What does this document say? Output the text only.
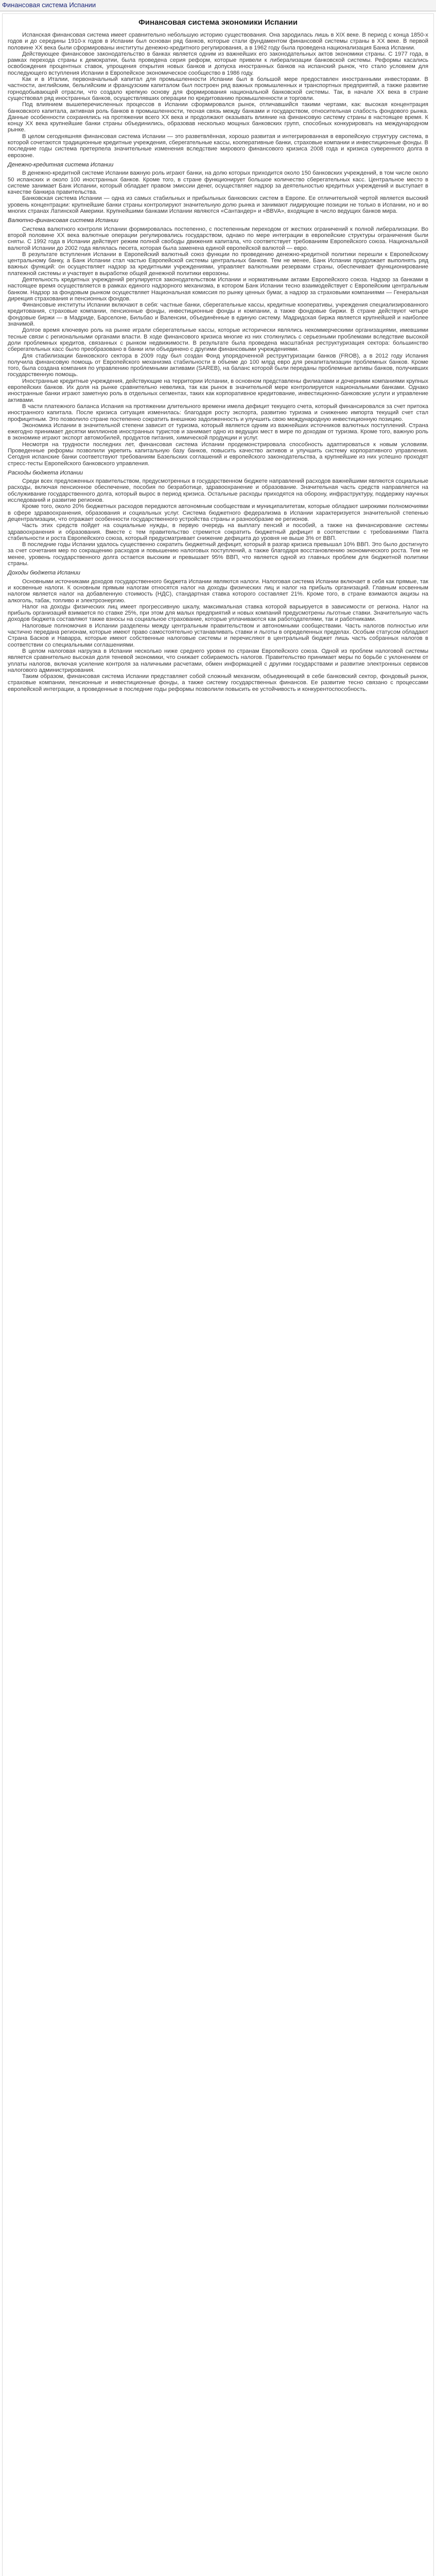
Финансовая система Испании
Финансовая система экономики Испании

Испанская финансовая система имеет сравнительно небольшую историю существования. Она зародилась лишь в XIX веке. В период с конца 1850-х годов и до середины 1910-х годов в Испании был основан ряд банков, которые стали фундаментом финансовой системы страны в XX веке. В первой половине XX века были сформированы институты денежно-кредитного регулирования, а в 1962 году была проведена национализация Банка Испании.

Действующее финансовое законодательство в банках является одним из важнейших его законодательных актов экономики страны. С 1977 года, в рамках перехода страны к демократии, была проведена серия реформ, которые привели к либерализации банковской системы. Реформы касались освобождения процентных ставок, упрощения открытия новых банков и допуска иностранных банков на испанский рынок, что стало условием для последующего вступления Испании в Европейское экономическое сообщество в 1986 году.

Как и в Италии, первоначальный капитал для промышленности Испании был в большой мере предоставлен иностранными инвесторами. В частности, английским, бельгийским и французским капиталом был построен ряд важных промышленных и транспортных предприятий, а также развитие горнодобывающей отрасли, что создало крепкую основу для формирования национальной банковской системы. Так, в начале XX века в стране существовал ряд иностранных банков, осуществлявших операции по кредитованию промышленности и торговли.

Под влиянием вышеперечисленных процессов в Испании сформировался рынок, отличавшийся такими чертами, как: высокая концентрация банковского капитала, активная роль банков в промышленности, тесная связь между банками и государством, относительная слабость фондового рынка. Данные особенности сохранялись на протяжении всего XX века и продолжают оказывать влияние на финансовую систему страны в настоящее время. К концу XX века крупнейшие банки страны объединились, образовав несколько мощных банковских групп, способных конкурировать на международном рынке.

В целом сегодняшняя финансовая система Испании — это разветвлённая, хорошо развитая и интегрированная в европейскую структуру система, в которой сочетаются традиционные кредитные учреждения, сберегательные кассы, кооперативные банки, страховые компании и инвестиционные фонды. В последние годы система претерпела значительные изменения вследствие мирового финансового кризиса 2008 года и кризиса суверенного долга в еврозоне.

Денежно-кредитная система Испании

В денежно-кредитной системе Испании важную роль играют банки, на долю которых приходится около 150 банковских учреждений, в том числе около 50 испанских и около 100 иностранных банков. Кроме того, в стране функционирует большое количество сберегательных касс. Центральное место в системе занимает Банк Испании, который обладает правом эмиссии денег, осуществляет надзор за деятельностью кредитных учреждений и выступает в качестве банкира правительства.

Банковская система Испании — одна из самых стабильных и прибыльных банковских систем в Европе. Ее отличительной чертой является высокий уровень концентрации: крупнейшие банки страны контролируют значительную долю рынка и занимают лидирующие позиции не только в Испании, но и во многих странах Латинской Америки. Крупнейшими банками Испании являются «Сантандер» и «BBVA», входящие в число ведущих банков мира.

Валютно-финансовая система Испании

Система валютного контроля Испании формировалась постепенно, с постепенным переходом от жестких ограничений к полной либерализации. Во второй половине XX века валютные операции регулировались государством, однако по мере интеграции в европейские структуры ограничения были сняты. С 1992 года в Испании действует режим полной свободы движения капитала, что соответствует требованиям Европейского союза. Национальной валютой Испании до 2002 года являлась песета, которая была заменена единой европейской валютой — евро.

В результате вступления Испании в Европейский валютный союз функции по проведению денежно-кредитной политики перешли к Европейскому центральному банку, а Банк Испании стал частью Европейской системы центральных банков. Тем не менее, Банк Испании продолжает выполнять ряд важных функций: он осуществляет надзор за кредитными учреждениями, управляет валютными резервами страны, обеспечивает функционирование платежной системы и участвует в выработке общей денежной политики еврозоны.

Деятельность кредитных учреждений регулируется законодательством Испании и нормативными актами Европейского союза. Надзор за банками в настоящее время осуществляется в рамках единого надзорного механизма, в котором Банк Испании тесно взаимодействует с Европейским центральным банком. Надзор за фондовым рынком осуществляет Национальная комиссия по рынку ценных бумаг, а надзор за страховыми компаниями — Генеральная дирекция страхования и пенсионных фондов.

Финансовые институты Испании включают в себя: частные банки, сберегательные кассы, кредитные кооперативы, учреждения специализированного кредитования, страховые компании, пенсионные фонды, инвестиционные фонды и компании, а также фондовые биржи. В стране действуют четыре фондовые биржи — в Мадриде, Барселоне, Бильбао и Валенсии, объединённые в единую систему. Мадридская биржа является крупнейшей и наиболее значимой.

Долгое время ключевую роль на рынке играли сберегательные кассы, которые исторически являлись некоммерческими организациями, имевшими тесные связи с региональными органами власти. В ходе финансового кризиса многие из них столкнулись с серьезными проблемами вследствие высокой доли проблемных кредитов, связанных с рынком недвижимости. В результате была проведена масштабная реструктуризация сектора: большинство сберегательных касс было преобразовано в банки или объединено с другими финансовыми учреждениями.

Для стабилизации банковского сектора в 2009 году был создан Фонд упорядоченной реструктуризации банков (FROB), а в 2012 году Испания получила финансовую помощь от Европейского механизма стабильности в объеме до 100 млрд евро для рекапитализации проблемных банков. Кроме того, была создана компания по управлению проблемными активами (SAREB), на баланс которой были переданы проблемные активы банков, получивших государственную помощь.

Иностранные кредитные учреждения, действующие на территории Испании, в основном представлены филиалами и дочерними компаниями крупных европейских банков. Их доля на рынке сравнительно невелика, так как рынок в значительной мере контролируется национальными банками. Однако иностранные банки играют заметную роль в отдельных сегментах, таких как корпоративное кредитование, инвестиционно-банковские услуги и управление активами.

В части платежного баланса Испания на протяжении длительного времени имела дефицит текущего счета, который финансировался за счет притока иностранного капитала. После кризиса ситуация изменилась: благодаря росту экспорта, развитию туризма и снижению импорта текущий счет стал профицитным. Это позволило стране постепенно сократить внешнюю задолженность и улучшить свою международную инвестиционную позицию.

Экономика Испании в значительной степени зависит от туризма, который является одним из важнейших источников валютных поступлений. Страна ежегодно принимает десятки миллионов иностранных туристов и занимает одно из ведущих мест в мире по доходам от туризма. Кроме того, важную роль в экономике играют экспорт автомобилей, продуктов питания, химической продукции и услуг.

Несмотря на трудности последних лет, финансовая система Испании продемонстрировала способность адаптироваться к новым условиям. Проведенные реформы позволили укрепить капитальную базу банков, повысить качество активов и улучшить систему корпоративного управления. Сегодня испанские банки соответствуют требованиям Базельских соглашений и европейского законодательства, а крупнейшие из них успешно проходят стресс-тесты Европейского банковского управления.

Расходы бюджета Испании

Среди всех предложенных правительством, предусмотренных в государственном бюджете направлений расходов важнейшими являются социальные расходы, включая пенсионное обеспечение, пособия по безработице, здравоохранение и образование. Значительная часть средств направляется на обслуживание государственного долга, который вырос в период кризиса. Остальные расходы приходятся на оборону, инфраструктуру, поддержку научных исследований и развитие регионов.

Кроме того, около 20% бюджетных расходов передаются автономным сообществам и муниципалитетам, которые обладают широкими полномочиями в сфере здравоохранения, образования и социальных услуг. Система бюджетного федерализма в Испании характеризуется значительной степенью децентрализации, что отражает особенности государственного устройства страны и разнообразие ее регионов.

Часть этих средств пойдет на социальные нужды, в первую очередь на выплату пенсий и пособий, а также на финансирование системы здравоохранения и образования. Вместе с тем правительство стремится сократить бюджетный дефицит в соответствии с требованиями Пакта стабильности и роста Европейского союза, который предусматривает снижение дефицита до уровня не выше 3% от ВВП.

В последние годы Испании удалось существенно сократить бюджетный дефицит, который в разгар кризиса превышал 10% ВВП. Это было достигнуто за счет сочетания мер по сокращению расходов и повышению налоговых поступлений, а также благодаря восстановлению экономического роста. Тем не менее, уровень государственного долга остается высоким и превышает 95% ВВП, что является одной из главных проблем для бюджетной политики страны.

Доходы бюджета Испании

Основными источниками доходов государственного бюджета Испании являются налоги. Налоговая система Испании включает в себя как прямые, так и косвенные налоги. К основным прямым налогам относятся налог на доходы физических лиц и налог на прибыль организаций. Главным косвенным налогом является налог на добавленную стоимость (НДС), стандартная ставка которого составляет 21%. Кроме того, в стране взимаются акцизы на алкоголь, табак, топливо и электроэнергию.

Налог на доходы физических лиц имеет прогрессивную шкалу, максимальная ставка которой варьируется в зависимости от региона. Налог на прибыль организаций взимается по ставке 25%, при этом для малых предприятий и новых компаний предусмотрены льготные ставки. Значительную часть доходов бюджета составляют также взносы на социальное страхование, которые уплачиваются как работодателями, так и работниками.

Налоговые полномочия в Испании разделены между центральным правительством и автономными сообществами. Часть налогов полностью или частично передана регионам, которые имеют право самостоятельно устанавливать ставки и льготы в определенных пределах. Особым статусом обладают Страна Басков и Наварра, которые имеют собственные налоговые системы и перечисляют в центральный бюджет лишь часть собранных налогов в соответствии со специальными соглашениями.

В целом налоговая нагрузка в Испании несколько ниже среднего уровня по странам Европейского союза. Одной из проблем налоговой системы является сравнительно высокая доля теневой экономики, что снижает собираемость налогов. Правительство принимает меры по борьбе с уклонением от уплаты налогов, включая усиление контроля за наличными расчетами, обмен информацией с другими государствами и развитие электронных сервисов налогового администрирования.

Таким образом, финансовая система Испании представляет собой сложный механизм, объединяющий в себе банковский сектор, фондовый рынок, страховые компании, пенсионные и инвестиционные фонды, а также систему государственных финансов. Ее развитие тесно связано с процессами европейской интеграции, а проведенные в последние годы реформы позволили повысить ее устойчивость и конкурентоспособность.
